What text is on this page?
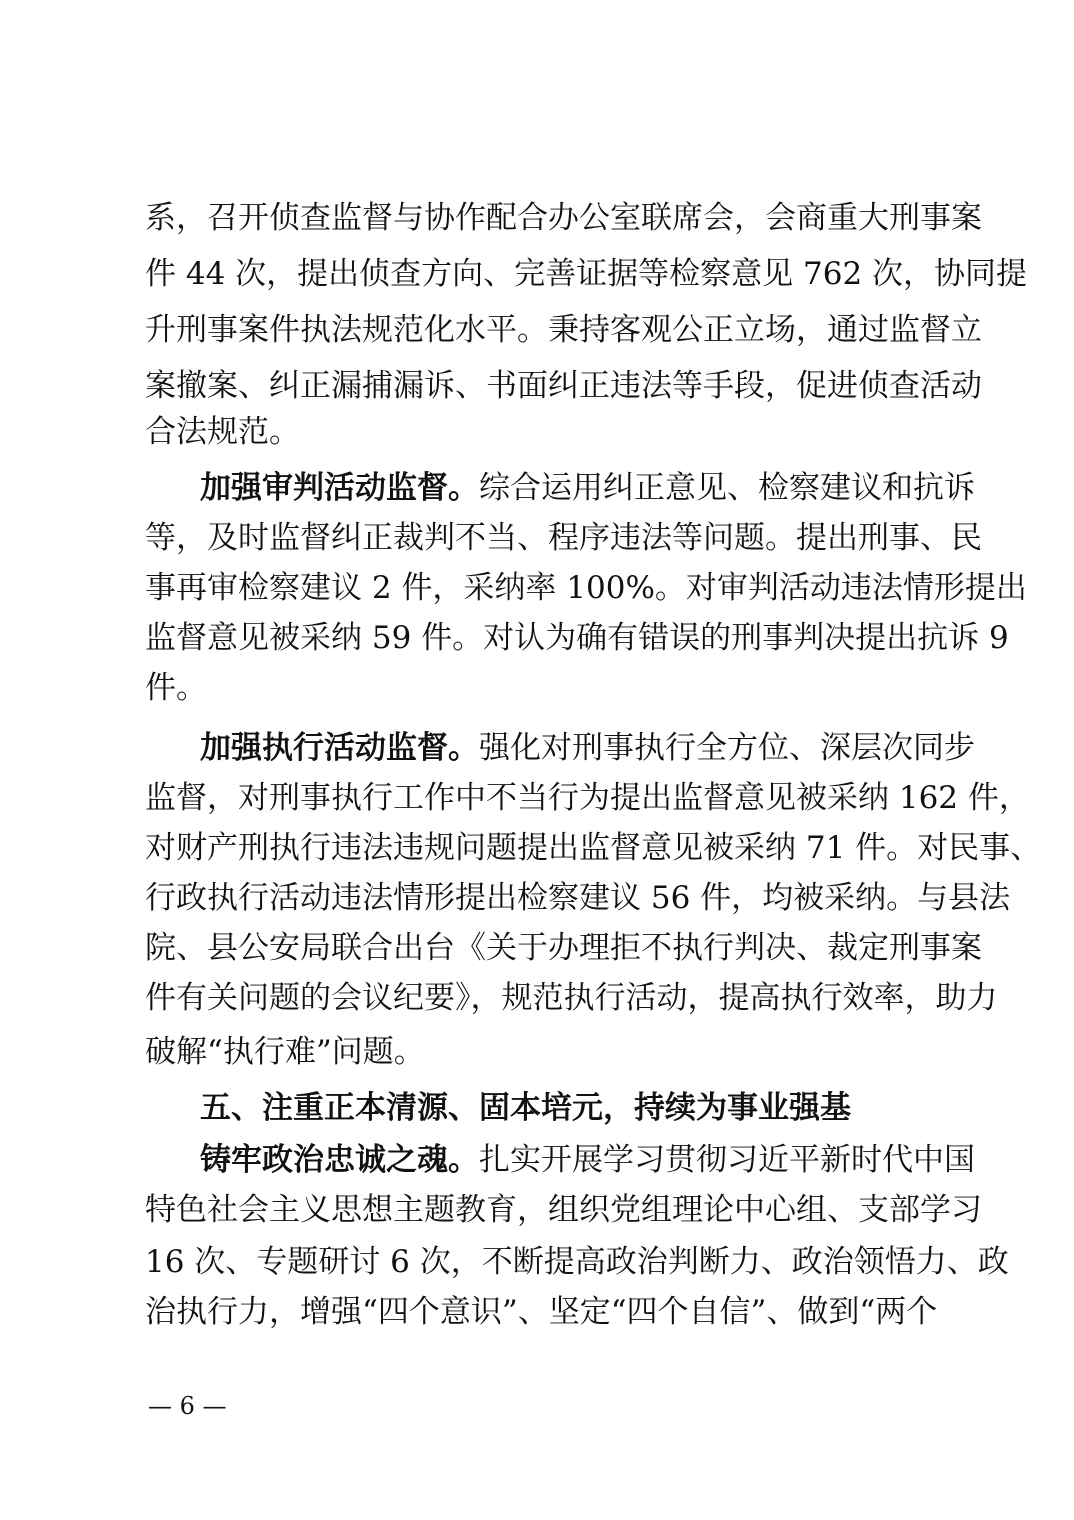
系，召开侦查监督与协作配合办公室联席会，会商重大刑事案
件 44 次，提出侦查方向、完善证据等检察意见 762 次，协同提
升刑事案件执法规范化水平。秉持客观公正立场，通过监督立
案撤案、纠正漏捕漏诉、书面纠正违法等手段，促进侦查活动
合法规范。
加强审判活动监督。综合运用纠正意见、检察建议和抗诉
等，及时监督纠正裁判不当、程序违法等问题。提出刑事、民
事再审检察建议 2 件，采纳率 100%。对审判活动违法情形提出
监督意见被采纳 59 件。对认为确有错误的刑事判决提出抗诉 9
件。
加强执行活动监督。强化对刑事执行全方位、深层次同步
监督，对刑事执行工作中不当行为提出监督意见被采纳 162 件，
对财产刑执行违法违规问题提出监督意见被采纳 71 件。对民事、
行政执行活动违法情形提出检察建议 56 件，均被采纳。与县法
院、县公安局联合出台《关于办理拒不执行判决、裁定刑事案
件有关问题的会议纪要》，规范执行活动，提高执行效率，助力
破解“执行难”问题。
五、注重正本清源、固本培元，持续为事业强基
铸牢政治忠诚之魂。扎实开展学习贯彻习近平新时代中国
特色社会主义思想主题教育，组织党组理论中心组、支部学习
16 次、专题研讨 6 次，不断提高政治判断力、政治领悟力、政
治执行力，增强“四个意识”、坚定“四个自信”、做到“两个
— 6 —
